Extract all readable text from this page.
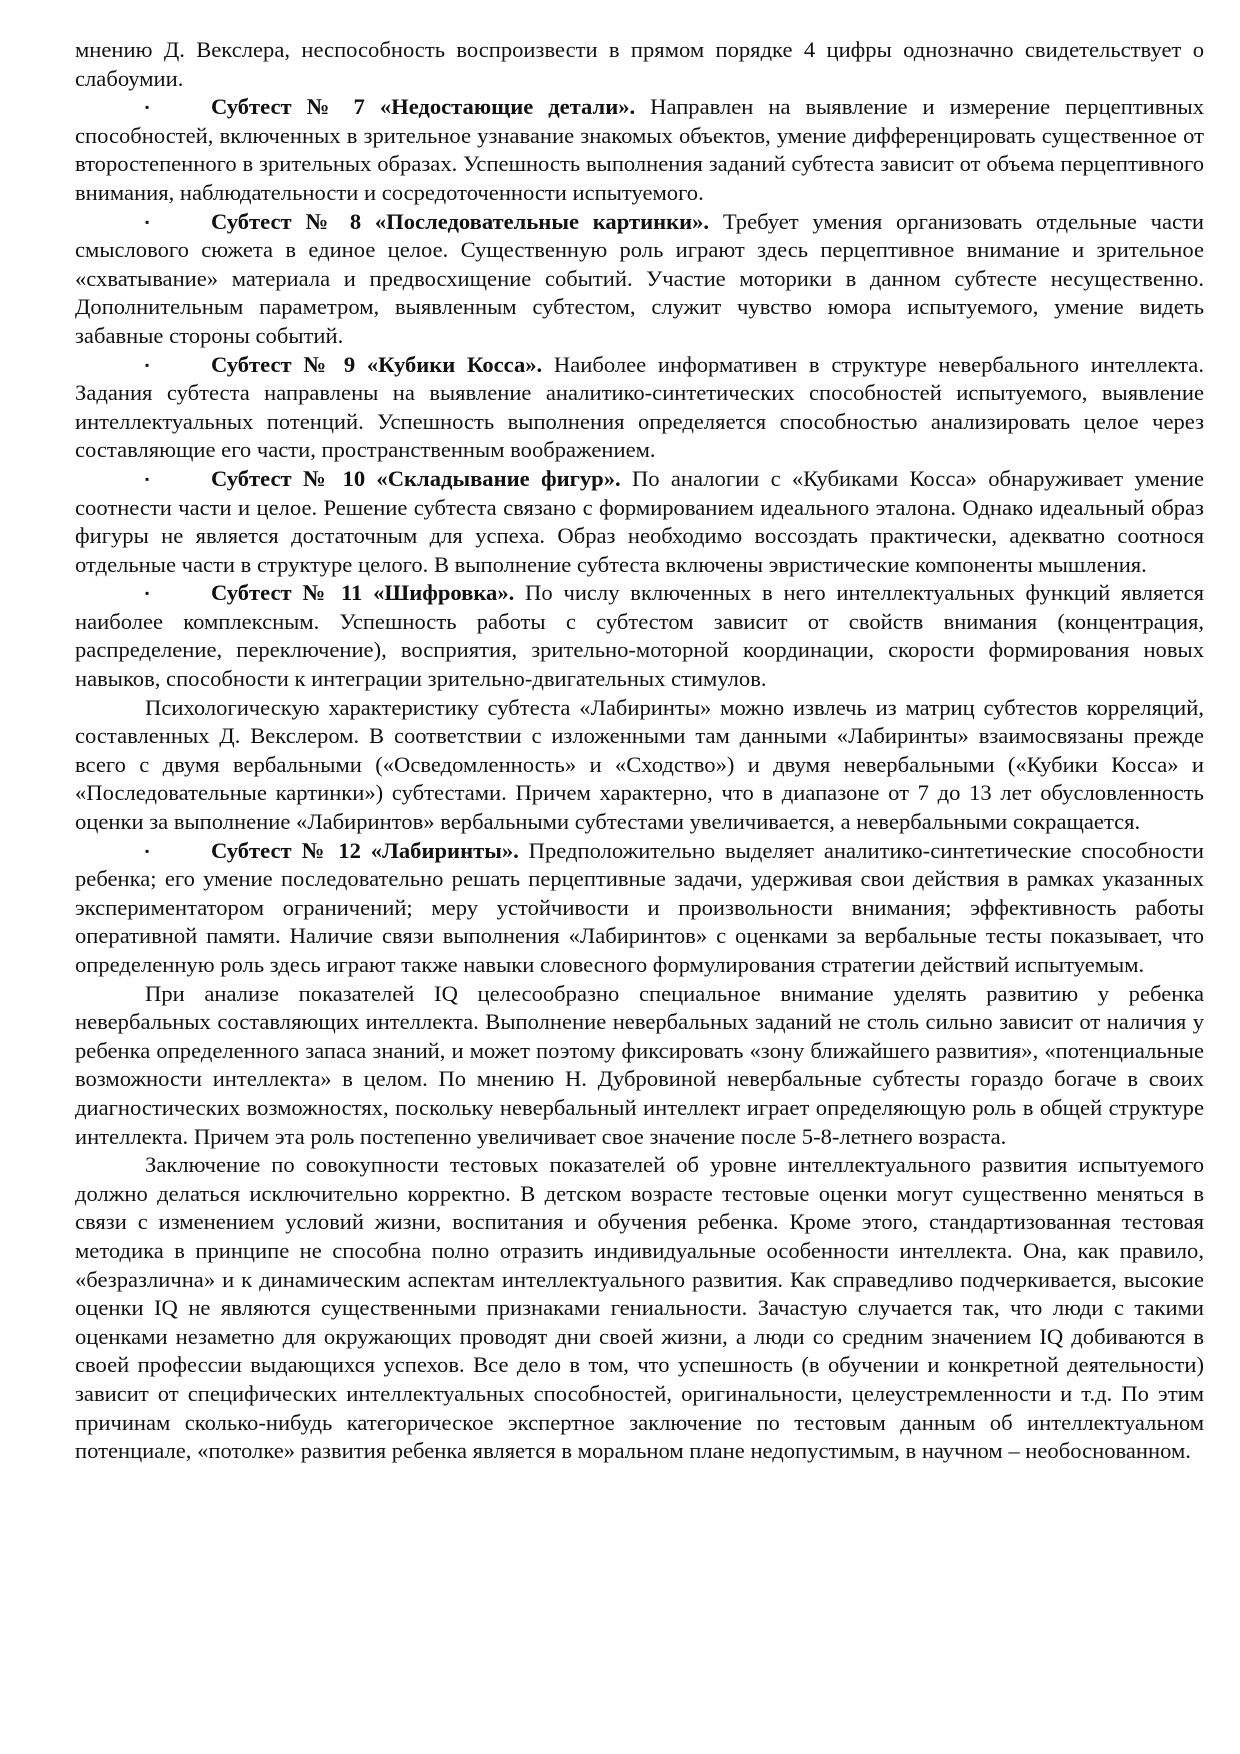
мнению Д. Векслера, неспособность воспроизвести в прямом порядке 4 цифры однозначно свидетельствует о слабоумии.

▪	Субтест № 7 «Недостающие детали». Направлен на выявление и измерение перцептивных способностей, включенных в зрительное узнавание знакомых объектов, умение дифференцировать существенное от второстепенного в зрительных образах. Успешность выполнения заданий субтеста зависит от объема перцептивного внимания, наблюдательности и сосредоточенности испытуемого.

▪	Субтест № 8 «Последовательные картинки». Требует умения организовать отдельные части смыслового сюжета в единое целое. Существенную роль играют здесь перцептивное внимание и зрительное «схватывание» материала и предвосхищение событий. Участие моторики в данном субтесте несущественно. Дополнительным параметром, выявленным субтестом, служит чувство юмора испытуемого, умение видеть забавные стороны событий.

▪	Субтест № 9 «Кубики Косса». Наиболее информативен в структуре невербального интеллекта. Задания субтеста направлены на выявление аналитико-синтетических способностей испытуемого, выявление интеллектуальных потенций. Успешность выполнения определяется способностью анализировать целое через составляющие его части, пространственным воображением.

▪	Субтест № 10 «Складывание фигур». По аналогии с «Кубиками Косса» обнаруживает умение соотнести части и целое. Решение субтеста связано с формированием идеального эталона. Однако идеальный образ фигуры не является достаточным для успеха. Образ необходимо воссоздать практически, адекватно соотнося отдельные части в структуре целого. В выполнение субтеста включены эвристические компоненты мышления.

▪	Субтест № 11 «Шифровка». По числу включенных в него интеллектуальных функций является наиболее комплексным. Успешность работы с субтестом зависит от свойств внимания (концентрация, распределение, переключение), восприятия, зрительно-моторной координации, скорости формирования новых навыков, способности к интеграции зрительно-двигательных стимулов.

Психологическую характеристику субтеста «Лабиринты» можно извлечь из матриц субтестов корреляций, составленных Д. Векслером. В соответствии с изложенными там данными «Лабиринты» взаимосвязаны прежде всего с двумя вербальными («Осведомленность» и «Сходство») и двумя невербальными («Кубики Косса» и «Последовательные картинки») субтестами. Причем характерно, что в диапазоне от 7 до 13 лет обусловленность оценки за выполнение «Лабиринтов» вербальными субтестами увеличивается, а невербальными сокращается.

▪	Субтест № 12 «Лабиринты». Предположительно выделяет аналитико-синтетические способности ребенка; его умение последовательно решать перцептивные задачи, удерживая свои действия в рамках указанных экспериментатором ограничений; меру устойчивости и произвольности внимания; эффективность работы оперативной памяти. Наличие связи выполнения «Лабиринтов» с оценками за вербальные тесты показывает, что определенную роль здесь играют также навыки словесного формулирования стратегии действий испытуемым.

При анализе показателей IQ целесообразно специальное внимание уделять развитию у ребенка невербальных составляющих интеллекта. Выполнение невербальных заданий не столь сильно зависит от наличия у ребенка определенного запаса знаний, и может поэтому фиксировать «зону ближайшего развития», «потенциальные возможности интеллекта» в целом. По мнению Н. Дубровиной невербальные субтесты гораздо богаче в своих диагностических возможностях, поскольку невербальный интеллект играет определяющую роль в общей структуре интеллекта. Причем эта роль постепенно увеличивает свое значение после 5-8-летнего возраста.

Заключение по совокупности тестовых показателей об уровне интеллектуального развития испытуемого должно делаться исключительно корректно. В детском возрасте тестовые оценки могут существенно меняться в связи с изменением условий жизни, воспитания и обучения ребенка. Кроме этого, стандартизованная тестовая методика в принципе не способна полно отразить индивидуальные особенности интеллекта. Она, как правило, «безразлична» и к динамическим аспектам интеллектуального развития. Как справедливо подчеркивается, высокие оценки IQ не являются существенными признаками гениальности. Зачастую случается так, что люди с такими оценками незаметно для окружающих проводят дни своей жизни, а люди со средним значением IQ добиваются в своей профессии выдающихся успехов. Все дело в том, что успешность (в обучении и конкретной деятельности) зависит от специфических интеллектуальных способностей, оригинальности, целеустремленности и т.д. По этим причинам сколько-нибудь категорическое экспертное заключение по тестовым данным об интеллектуальном потенциале, «потолке» развития ребенка является в моральном плане недопустимым, в научном – необоснованном.
